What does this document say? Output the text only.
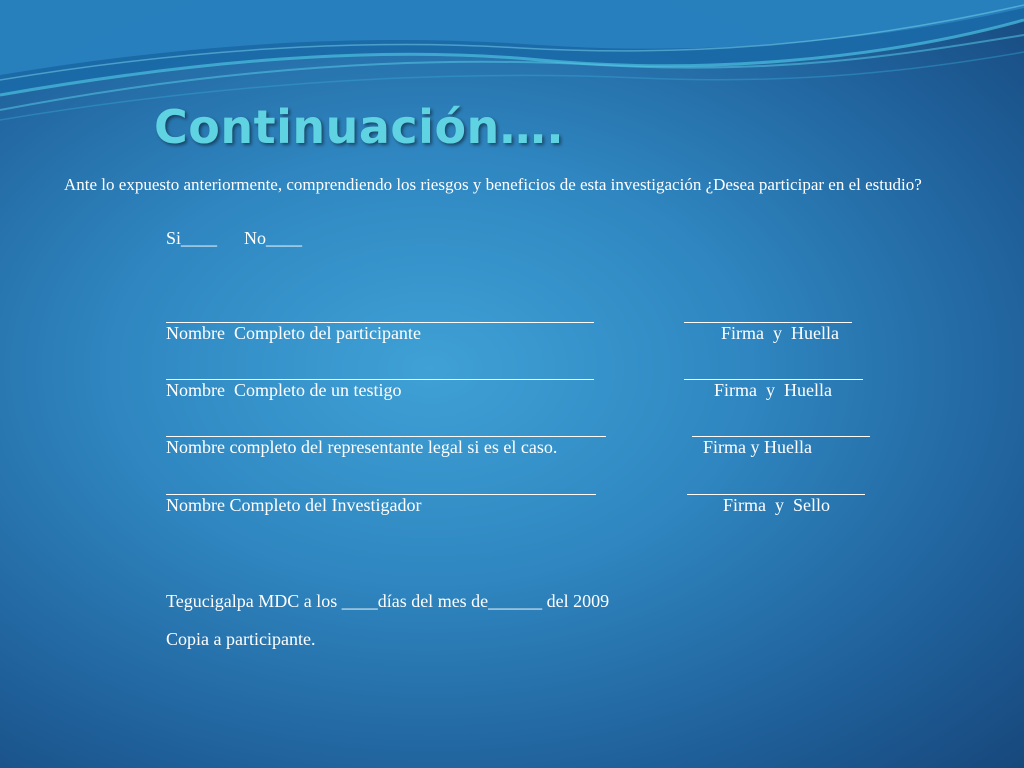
Continuación….

Ante lo expuesto anteriormente, comprendiendo los riesgos y beneficios de esta investigación ¿Desea participar en el estudio?

Si____      No____

Nombre  Completo del participante	Firma  y  Huella

Nombre  Completo de un testigo	Firma  y  Huella

Nombre completo del representante legal si es el caso.	Firma y Huella

Nombre Completo del Investigador	Firma  y  Sello

Tegucigalpa MDC a los ____días del mes de______ del 2009

Copia a participante.
